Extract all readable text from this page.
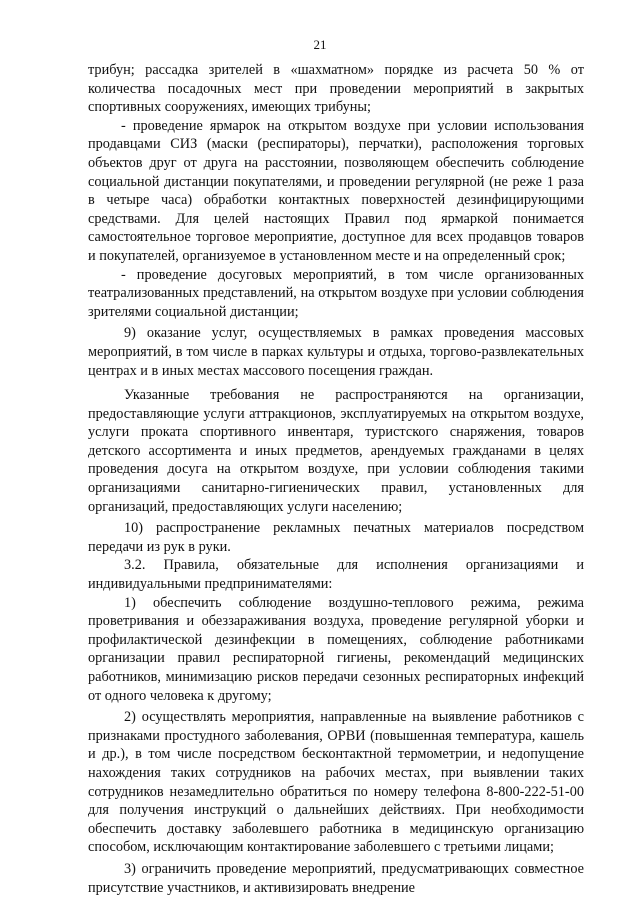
21

трибун; рассадка зрителей в «шахматном» порядке из расчета 50 % от количества посадочных мест при проведении мероприятий в закрытых спортивных сооружениях, имеющих трибуны;

- проведение ярмарок на открытом воздухе при условии использования продавцами СИЗ (маски (респираторы), перчатки), расположения торговых объектов друг от друга на расстоянии, позволяющем обеспечить соблюдение социальной дистанции покупателями, и проведении регулярной (не реже 1 раза в четыре часа) обработки контактных поверхностей дезинфицирующими средствами. Для целей настоящих Правил под ярмаркой понимается самостоятельное торговое мероприятие, доступное для всех продавцов товаров и покупателей, организуемое в установленном месте и на определенный срок;

- проведение досуговых мероприятий, в том числе организованных театрализованных представлений, на открытом воздухе при условии соблюдения зрителями социальной дистанции;

9) оказание услуг, осуществляемых в рамках проведения массовых мероприятий, в том числе в парках культуры и отдыха, торгово-развлекательных центрах и в иных местах массового посещения граждан.

Указанные требования не распространяются на организации, предоставляющие услуги аттракционов, эксплуатируемых на открытом воздухе, услуги проката спортивного инвентаря, туристского снаряжения, товаров детского ассортимента и иных предметов, арендуемых гражданами в целях проведения досуга на открытом воздухе, при условии соблюдения такими организациями санитарно-гигиенических правил, установленных для организаций, предоставляющих услуги населению;

10) распространение рекламных печатных материалов посредством передачи из рук в руки.

3.2. Правила, обязательные для исполнения организациями и индивидуальными предпринимателями:

1) обеспечить соблюдение воздушно-теплового режима, режима проветривания и обеззараживания воздуха, проведение регулярной уборки и профилактической дезинфекции в помещениях, соблюдение работниками организации правил респираторной гигиены, рекомендаций медицинских работников, минимизацию рисков передачи сезонных респираторных инфекций от одного человека к другому;

2) осуществлять мероприятия, направленные на выявление работников с признаками простудного заболевания, ОРВИ (повышенная температура, кашель и др.), в том числе посредством бесконтактной термометрии, и недопущение нахождения таких сотрудников на рабочих местах, при выявлении таких сотрудников незамедлительно обратиться по номеру телефона 8-800-222-51-00 для получения инструкций о дальнейших действиях. При необходимости обеспечить доставку заболевшего работника в медицинскую организацию способом, исключающим контактирование заболевшего с третьими лицами;

3) ограничить проведение мероприятий, предусматривающих совместное присутствие участников, и активизировать внедрение
